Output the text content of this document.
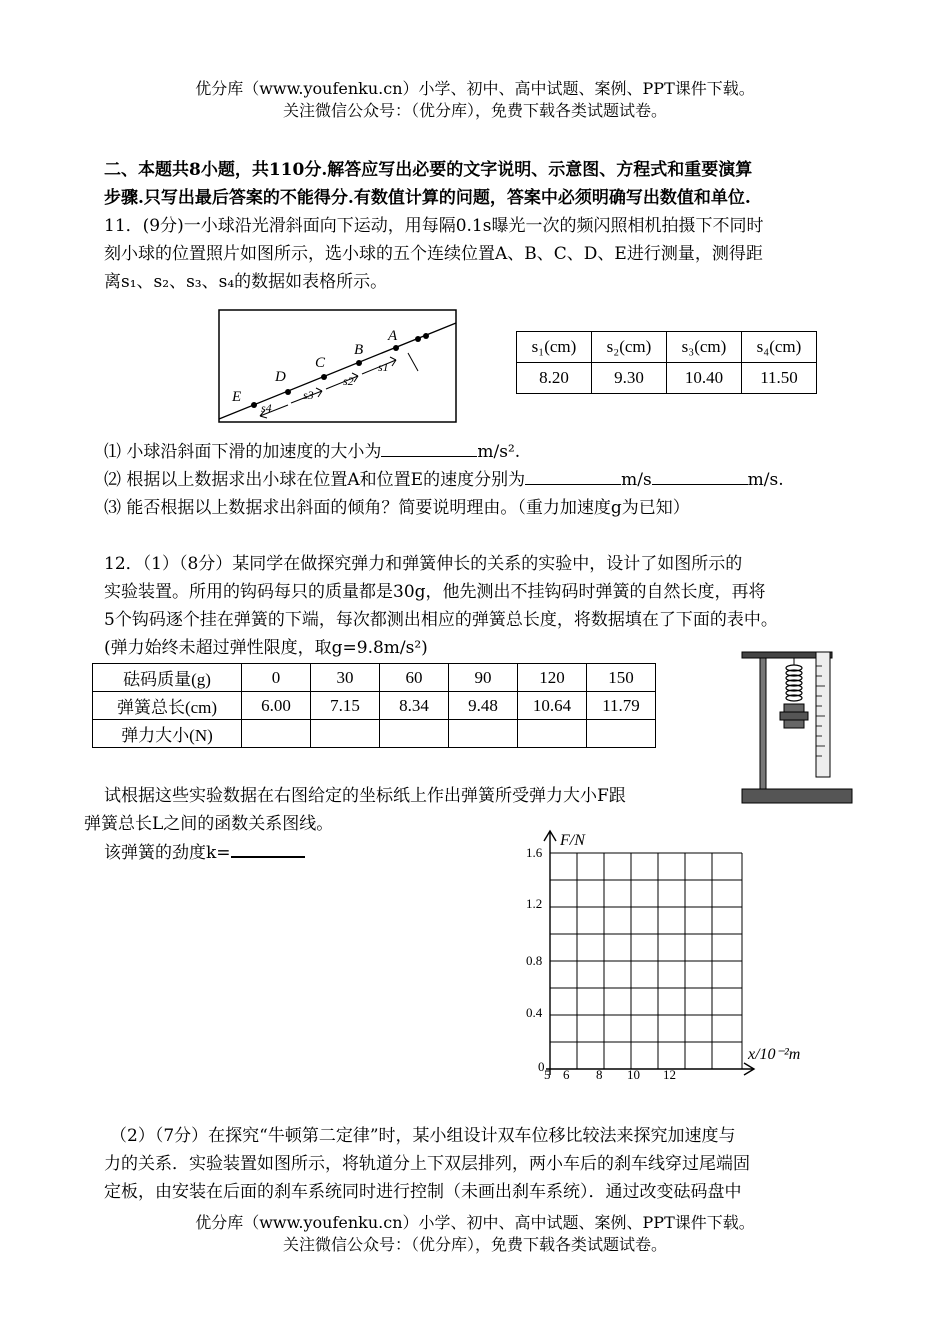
优分库（www.youfenku.cn）小学、初中、高中试题、案例、PPT课件下载。
关注微信公众号：（优分库），免费下载各类试题试卷。
二、本题共8小题，共110分.解答应写出必要的文字说明、示意图、方程式和重要演算
步骤.只写出最后答案的不能得分.有数值计算的问题，答案中必须明确写出数值和单位.
11．(9分)一小球沿光滑斜面向下运动，用每隔0.1s曝光一次的频闪照相机拍摄下不同时
刻小球的位置照片如图所示，选小球的五个连续位置A、B、C、D、E进行测量，测得距
离s₁、s₂、s₃、s₄的数据如表格所示。
E
D
C
B
A
s4
s3
s2
s1
s₁(cm)	s₂(cm)	s₃(cm)	s₄(cm)
8.20	9.30	10.40	11.50
⑴ 小球沿斜面下滑的加速度的大小为	m/s².
⑵ 根据以上数据求出小球在位置A和位置E的速度分别为	m/s	m/s.
⑶ 能否根据以上数据求出斜面的倾角？简要说明理由。（重力加速度g为已知）
12．（1）（8分）某同学在做探究弹力和弹簧伸长的关系的实验中，设计了如图所示的
实验装置。所用的钩码每只的质量都是30g，他先测出不挂钩码时弹簧的自然长度，再将
5个钩码逐个挂在弹簧的下端，每次都测出相应的弹簧总长度，将数据填在了下面的表中。
(弹力始终未超过弹性限度，取g=9.8m/s²)
砝码质量(g)	0	30	60	90	120	150
弹簧总长(cm)	6.00	7.15	8.34	9.48	10.64	11.79
弹力大小(N)						
试根据这些实验数据在右图给定的坐标纸上作出弹簧所受弹力大小F跟
弹簧总长L之间的函数关系图线。
该弹簧的劲度k=
F/N
x/10⁻²m
1.6
1.2
0.8
0.4
0
5 6 8 10 12
（2）（7分）在探究“牛顿第二定律”时，某小组设计双车位移比较法来探究加速度与
力的关系．实验装置如图所示，将轨道分上下双层排列，两小车后的刹车线穿过尾端固
定板，由安装在后面的刹车系统同时进行控制（未画出刹车系统）．通过改变砝码盘中
优分库（www.youfenku.cn）小学、初中、高中试题、案例、PPT课件下载。
关注微信公众号：（优分库），免费下载各类试题试卷。
